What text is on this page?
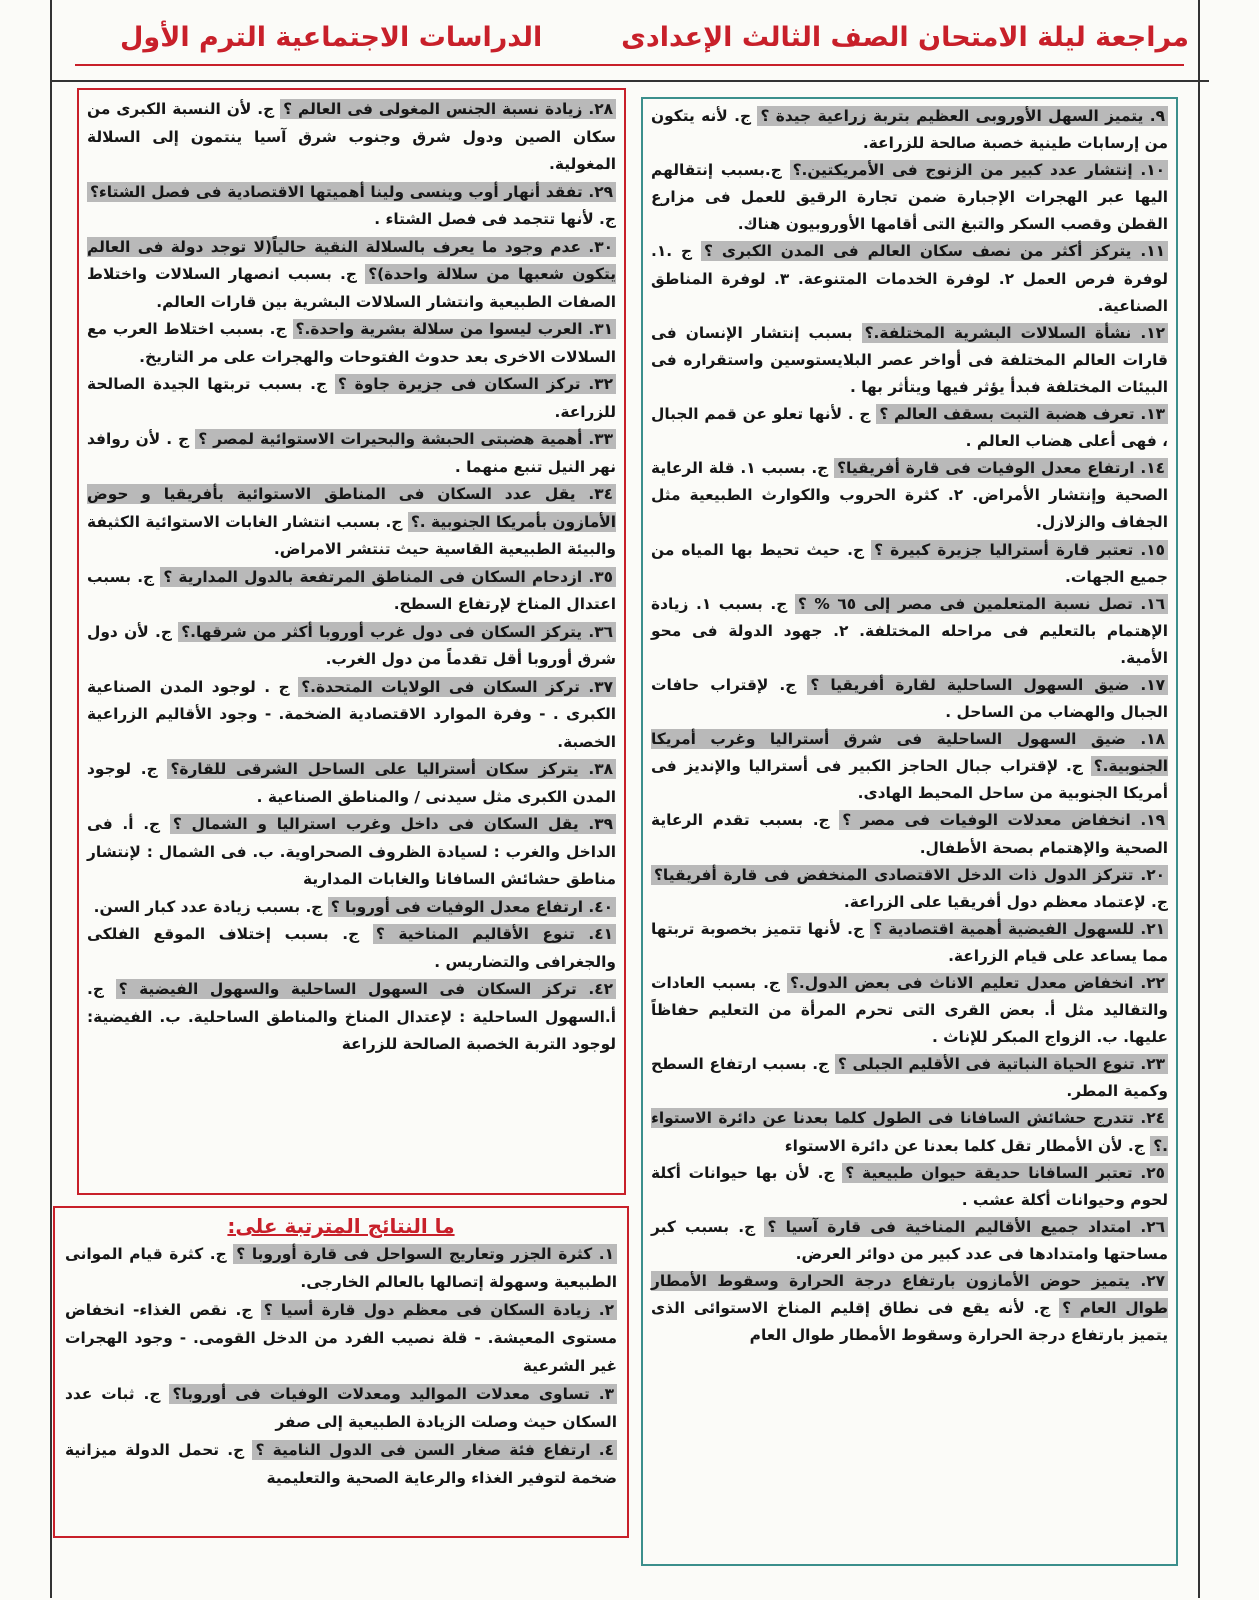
مراجعة ليلة الامتحان الصف الثالث الإعدادى
الدراسات الاجتماعية الترم الأول

٩. يتميز السهل الأوروبى العظيم بتربة زراعية جيدة ؟ ج. لأنه يتكون من إرسابات طينية خصبة صالحة للزراعة.

١٠. إنتشار عدد كبير من الزنوج فى الأمريكتين.؟ ج.بسبب إنتقالهم اليها عبر الهجرات الإجبارة ضمن تجارة الرقيق للعمل فى مزارع القطن وقصب السكر والتبغ التى أقامها الأوروبيون هناك.

١١. يتركز أكثر من نصف سكان العالم فى المدن الكبرى ؟ ج .١. لوفرة فرص العمل ٢. لوفرة الخدمات المتنوعة. ٣. لوفرة المناطق الصناعية.

١٢. نشأة السلالات البشرية المختلفة.؟ بسبب إنتشار الإنسان فى قارات العالم المختلفة فى أواخر عصر البلايستوسين واستقراره فى البيئات المختلفة فبدأ يؤثر فيها ويتأثر بها .

١٣. تعرف هضبة التبت بسقف العالم ؟ ج . لأنها تعلو عن قمم الجبال ، فهى أعلى هضاب العالم .

١٤. ارتفاع معدل الوفيات فى قارة أفريقيا؟ ج. بسبب ١. قلة الرعاية الصحية وإنتشار الأمراض. ٢. كثرة الحروب والكوارث الطبيعية مثل الجفاف والزلازل.

١٥. تعتبر قارة أستراليا جزيرة كبيرة ؟ ج. حيث تحيط بها المياه من جميع الجهات.

١٦. تصل نسبة المتعلمين فى مصر إلى ٦٥ % ؟ ج. بسبب ١. زيادة الإهتمام بالتعليم فى مراحله المختلفة. ٢. جهود الدولة فى محو الأمية.

١٧. ضيق السهول الساحلية لقارة أفريقيا ؟ ج. لإقتراب حافات الجبال والهضاب من الساحل .

١٨. ضيق السهول الساحلية فى شرق أستراليا وغرب أمريكا الجنوبية.؟ ج. لإقتراب جبال الحاجز الكبير فى أستراليا والإنديز فى أمريكا الجنوبية من ساحل المحيط الهادى.

١٩. انخفاض معدلات الوفيات فى مصر ؟ ج. بسبب تقدم الرعاية الصحية والإهتمام بصحة الأطفال.

٢٠. تتركز الدول ذات الدخل الاقتصادى المنخفض فى قارة أفريقيا؟ ج. لإعتماد معظم دول أفريقيا على الزراعة.

٢١. للسهول الفيضية أهمية اقتصادية ؟ ج. لأنها تتميز بخصوبة تربتها مما يساعد على قيام الزراعة.

٢٢. انخفاض معدل تعليم الاناث فى بعض الدول.؟ ج. بسبب العادات والتقاليد مثل أ. بعض القرى التى تحرم المرأة من التعليم حفاظاً عليها. ب. الزواج المبكر للإناث .

٢٣. تنوع الحياة النباتية فى الأقليم الجبلى ؟ ج. بسبب ارتفاع السطح وكمية المطر.

٢٤. تتدرج حشائش السافانا فى الطول كلما بعدنا عن دائرة الاستواء .؟ ج. لأن الأمطار تقل كلما بعدنا عن دائرة الاستواء

٢٥. تعتبر السافانا حديقة حيوان طبيعية ؟ ج. لأن بها حيوانات أكلة لحوم وحيوانات أكلة عشب .

٢٦. امتداد جميع الأقاليم المناخية فى قارة آسيا ؟ ج. بسبب كبر مساحتها وامتدادها فى عدد كبير من دوائر العرض.

٢٧. يتميز حوض الأمازون بارتفاع درجة الحرارة وسقوط الأمطار طوال العام ؟ ج. لأنه يقع فى نطاق إقليم المناخ الاستوائى الذى يتميز بارتفاع درجة الحرارة وسقوط الأمطار طوال العام

٢٨. زيادة نسبة الجنس المغولى فى العالم ؟ ج. لأن النسبة الكبرى من سكان الصين ودول شرق وجنوب شرق آسيا ينتمون إلى السلالة المغولية.

٢٩. تفقد أنهار أوب وينسى ولينا أهميتها الاقتصادية فى فصل الشتاء؟ ج. لأنها تتجمد فى فصل الشتاء .

٣٠. عدم وجود ما يعرف بالسلالة النقية حالياً(لا توجد دولة فى العالم يتكون شعبها من سلالة واحدة)؟ ج. بسبب انصهار السلالات واختلاط الصفات الطبيعية وانتشار السلالات البشرية بين قارات العالم.

٣١. العرب ليسوا من سلالة بشرية واحدة.؟ ج. بسبب اختلاط العرب مع السلالات الاخرى بعد حدوث الفتوحات والهجرات على مر التاريخ.

٣٢. تركز السكان فى جزيرة جاوة ؟ ج. بسبب تربتها الجيدة الصالحة للزراعة.

٣٣. أهمية هضبتى الحبشة والبحيرات الاستوائية لمصر ؟ ج . لأن روافد نهر النيل تنبع منهما .

٣٤. يقل عدد السكان فى المناطق الاستوائية بأفريقيا و حوض الأمازون بأمريكا الجنوبية .؟ ج. بسبب انتشار الغابات الاستوائية الكثيفة والبيئة الطبيعية القاسية حيث تنتشر الامراض.

٣٥. ازدحام السكان فى المناطق المرتفعة بالدول المدارية ؟ ج. بسبب اعتدال المناخ لإرتفاع السطح.

٣٦. يتركز السكان فى دول غرب أوروبا أكثر من شرقها.؟ ج. لأن دول شرق أوروبا أقل تقدماً من دول الغرب.

٣٧. تركز السكان فى الولايات المتحدة.؟ ج . لوجود المدن الصناعية الكبرى . - وفرة الموارد الاقتصادية الضخمة. - وجود الأقاليم الزراعية الخصبة.

٣٨. يتركز سكان أستراليا على الساحل الشرقى للقارة؟ ج. لوجود المدن الكبرى مثل سيدنى / والمناطق الصناعية .

٣٩. يقل السكان فى داخل وغرب استراليا و الشمال ؟ ج. أ. فى الداخل والغرب : لسيادة الظروف الصحراوية. ب. فى الشمال : لإنتشار مناطق حشائش السافانا والغابات المدارية

٤٠. ارتفاع معدل الوفيات فى أوروبا ؟ ج. بسبب زيادة عدد كبار السن.

٤١. تنوع الأقاليم المناخية ؟ ج. بسبب إختلاف الموقع الفلكى والجغرافى والتضاريس .

٤٢. تركز السكان فى السهول الساحلية والسهول الفيضية ؟ ج. أ.السهول الساحلية : لإعتدال المناخ والمناطق الساحلية. ب. الفيضية: لوجود التربة الخصبة الصالحة للزراعة

ما النتائج المترتبة على:

١. كثرة الجزر وتعاريج السواحل فى قارة أوروبا ؟ ج. كثرة قيام الموانى الطبيعية وسهولة إتصالها بالعالم الخارجى.

٢. زيادة السكان فى معظم دول قارة أسيا ؟ ج. نقص الغذاء- انخفاض مستوى المعيشة. - قلة نصيب الفرد من الدخل القومى. - وجود الهجرات غير الشرعية

٣. تساوى معدلات المواليد ومعدلات الوفيات فى أوروبا؟ ج. ثبات عدد السكان حيث وصلت الزيادة الطبيعية إلى صفر

٤. ارتفاع فئة صغار السن فى الدول النامية ؟ ج. تحمل الدولة ميزانية ضخمة لتوفير الغذاء والرعاية الصحية والتعليمية
